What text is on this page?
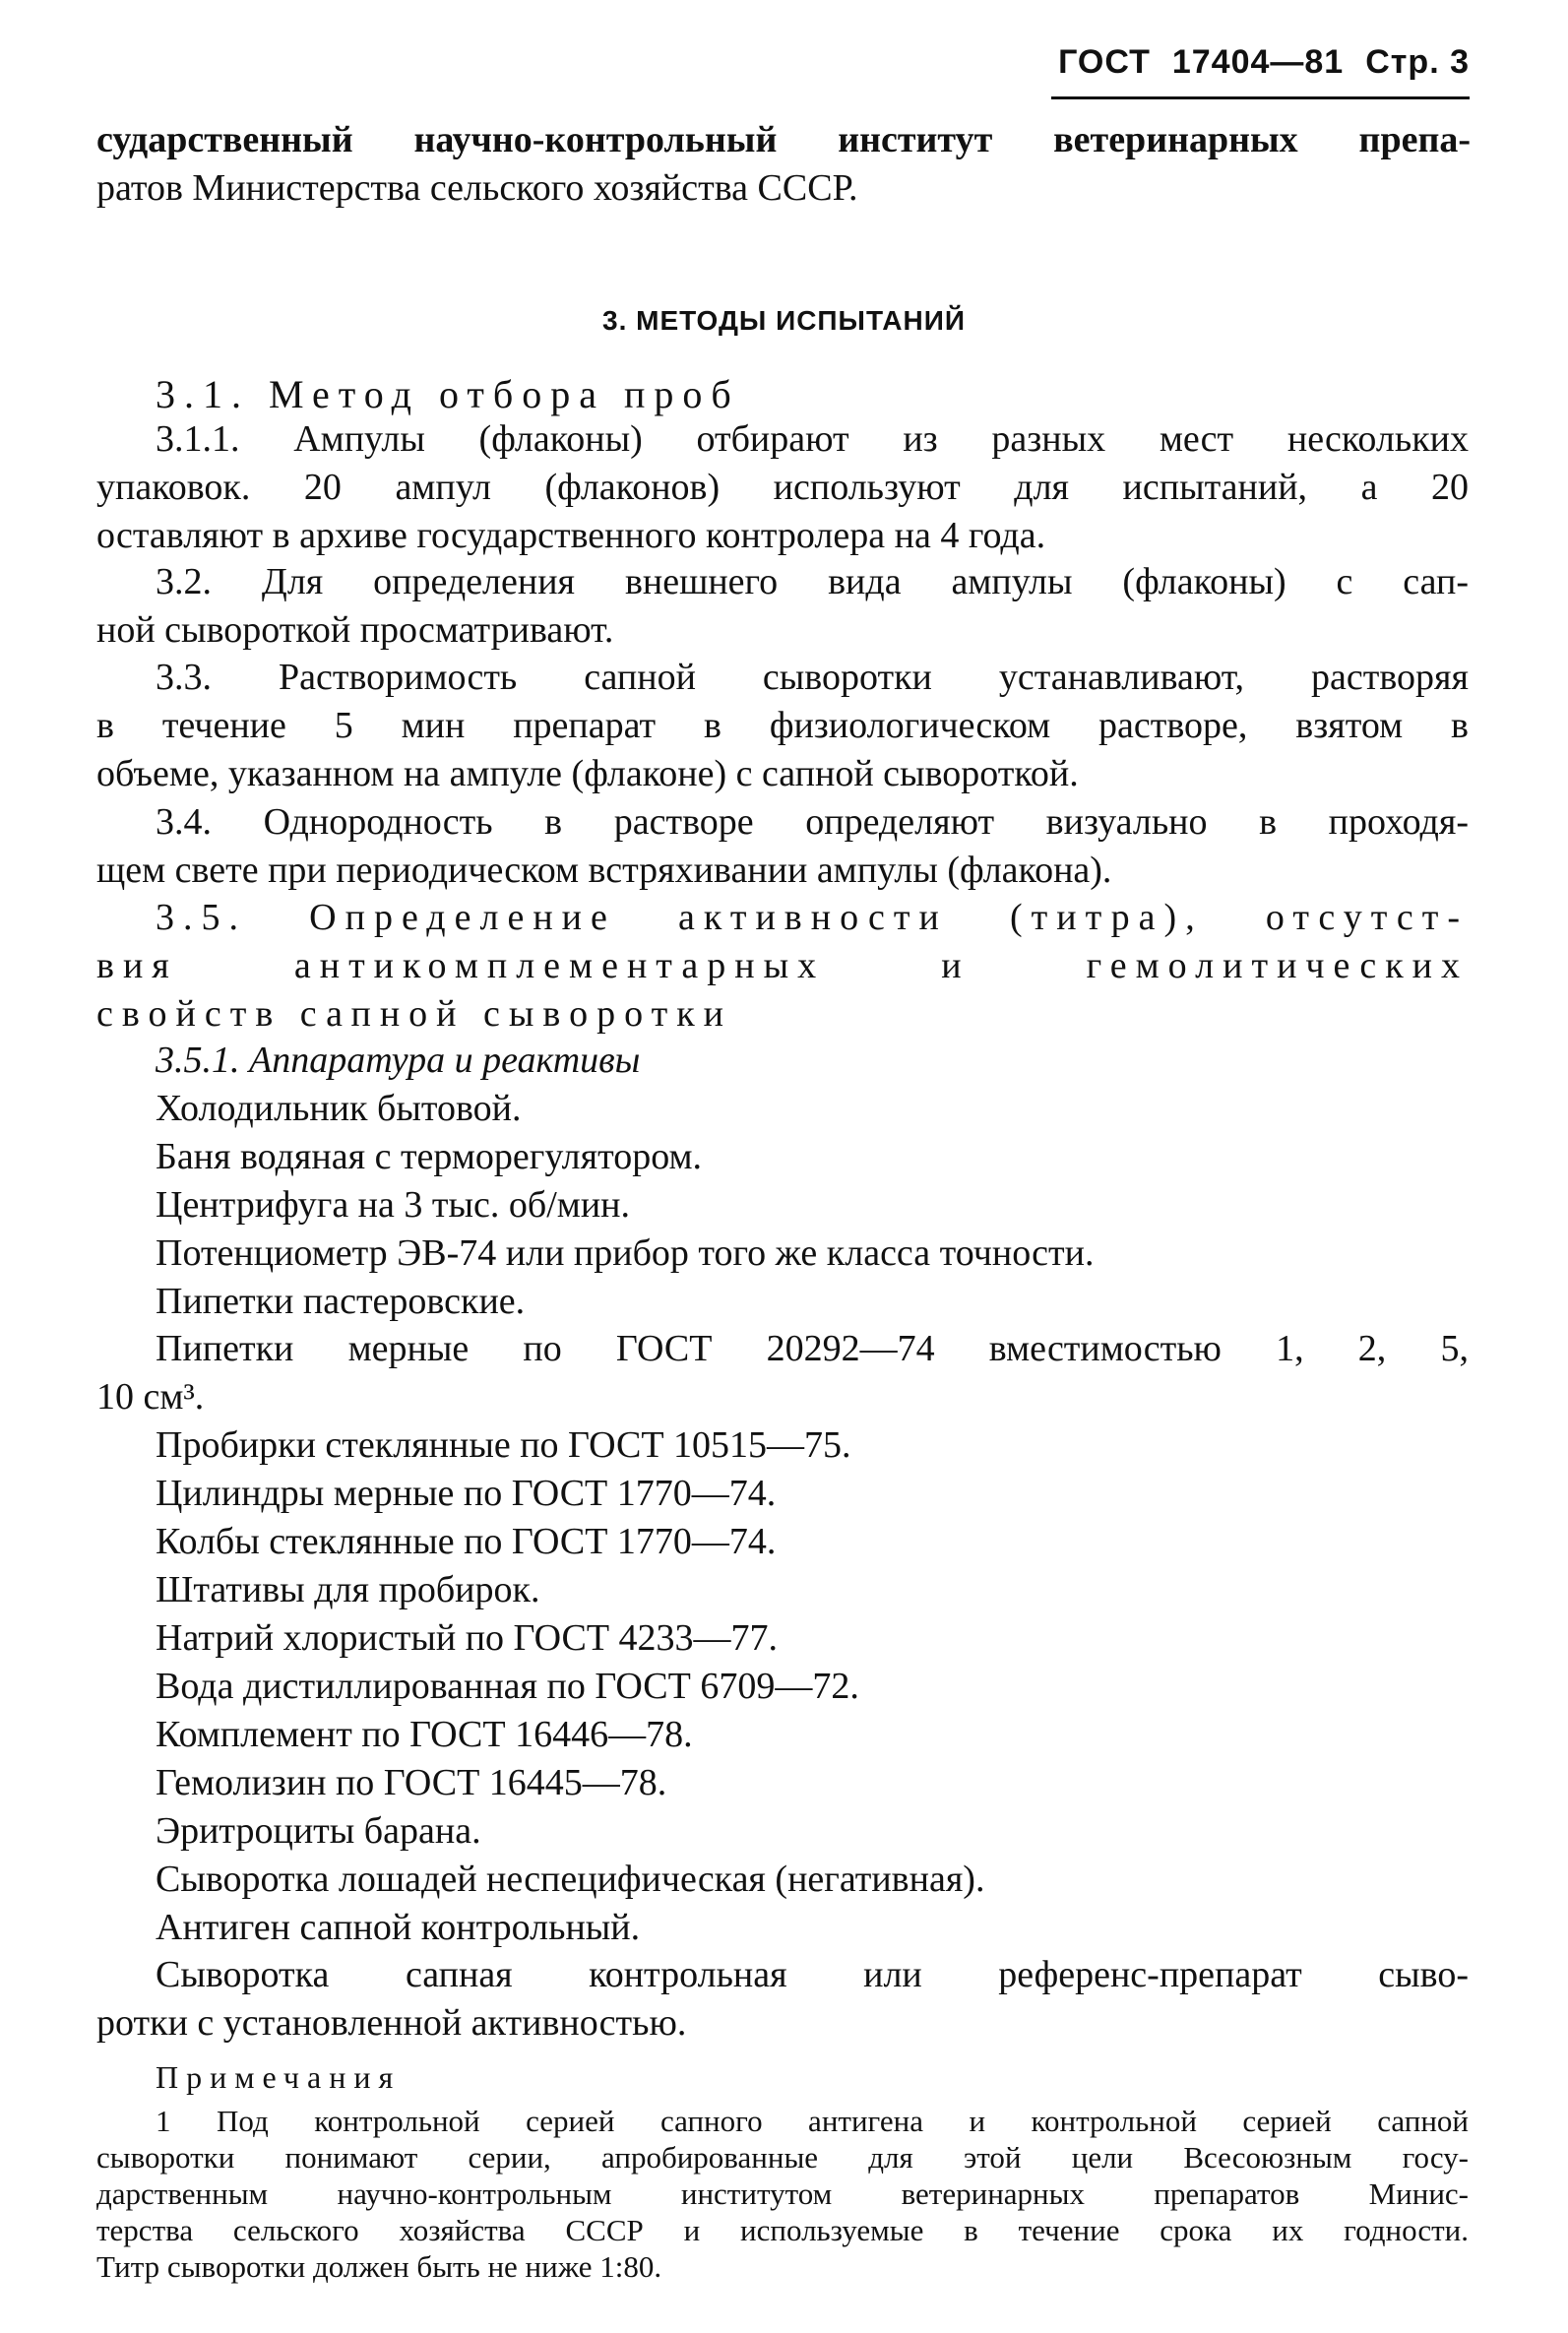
ГОСТ 17404—81 Стр. 3
сударственный научно-контрольный институт ветеринарных препа-
ратов Министерства сельского хозяйства СССР.
3. МЕТОДЫ ИСПЫТАНИЙ
3.1. Метод отбора проб
3.1.1. Ампулы (флаконы) отбирают из разных мест нескольких
упаковок. 20 ампул (флаконов) используют для испытаний, а 20
оставляют в архиве государственного контролера на 4 года.
3.2. Для определения внешнего вида ампулы (флаконы) с сап-
ной сывороткой просматривают.
3.3. Растворимость сапной сыворотки устанавливают, растворяя
в течение 5 мин препарат в физиологическом растворе, взятом в
объеме, указанном на ампуле (флаконе) с сапной сывороткой.
3.4. Однородность в растворе определяют визуально в проходя-
щем свете при периодическом встряхивании ампулы (флакона).
3.5. Определение активности (титра), отсутст-
вия антикомплементарных и гемолитических
свойств сапной сыворотки
3.5.1. Аппаратура и реактивы
Холодильник бытовой.
Баня водяная с терморегулятором.
Центрифуга на 3 тыс. об/мин.
Потенциометр ЭВ-74 или прибор того же класса точности.
Пипетки пастеровские.
Пипетки мерные по ГОСТ 20292—74 вместимостью 1, 2, 5,
10 см³.
Пробирки стеклянные по ГОСТ 10515—75.
Цилиндры мерные по ГОСТ 1770—74.
Колбы стеклянные по ГОСТ 1770—74.
Штативы для пробирок.
Натрий хлористый по ГОСТ 4233—77.
Вода дистиллированная по ГОСТ 6709—72.
Комплемент по ГОСТ 16446—78.
Гемолизин по ГОСТ 16445—78.
Эритроциты барана.
Сыворотка лошадей неспецифическая (негативная).
Антиген сапной контрольный.
Сыворотка сапная контрольная или референс-препарат сыво-
ротки с установленной активностью.
Примечания
1 Под контрольной серией сапного антигена и контрольной серией сапной
сыворотки понимают серии, апробированные для этой цели Всесоюзным госу-
дарственным научно-контрольным институтом ветеринарных препаратов Минис-
терства сельского хозяйства СССР и используемые в течение срока их годности.
Титр сыворотки должен быть не ниже 1:80.
